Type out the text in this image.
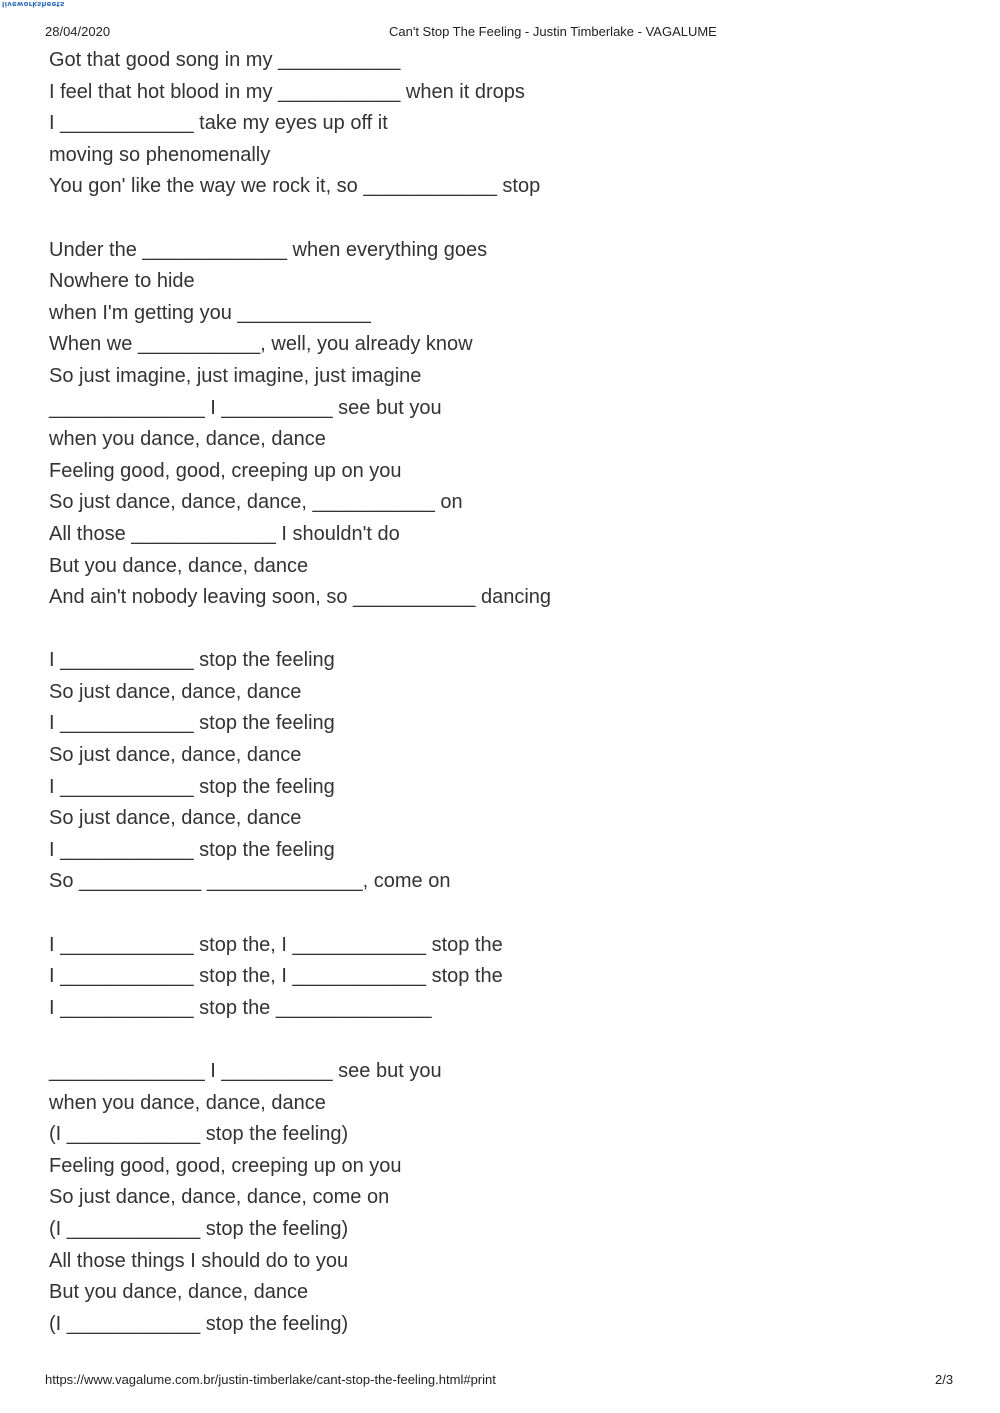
liveworksheets
28/04/2020	Can't Stop The Feeling - Justin Timberlake - VAGALUME
Got that good song in my ___________
I feel that hot blood in my ___________ when it drops
I ____________ take my eyes up off it
moving so phenomenally
You gon' like the way we rock it, so ____________ stop
Under the _____________ when everything goes
Nowhere to hide
when I'm getting you ____________
When we ___________, well, you already know
So just imagine, just imagine, just imagine
______________ I __________ see but you
when you dance, dance, dance
Feeling good, good, creeping up on you
So just dance, dance, dance, ___________ on
All those _____________ I shouldn't do
But you dance, dance, dance
And ain't nobody leaving soon, so ___________ dancing
I ____________ stop the feeling
So just dance, dance, dance
I ____________ stop the feeling
So just dance, dance, dance
I ____________ stop the feeling
So just dance, dance, dance
I ____________ stop the feeling
So ___________ ______________, come on
I ____________ stop the, I ____________ stop the
I ____________ stop the, I ____________ stop the
I ____________ stop the ______________
______________ I __________ see but you
when you dance, dance, dance
(I ____________ stop the feeling)
Feeling good, good, creeping up on you
So just dance, dance, dance, come on
(I ____________ stop the feeling)
All those things I should do to you
But you dance, dance, dance
(I ____________ stop the feeling)
https://www.vagalume.com.br/justin-timberlake/cant-stop-the-feeling.html#print	2/3
